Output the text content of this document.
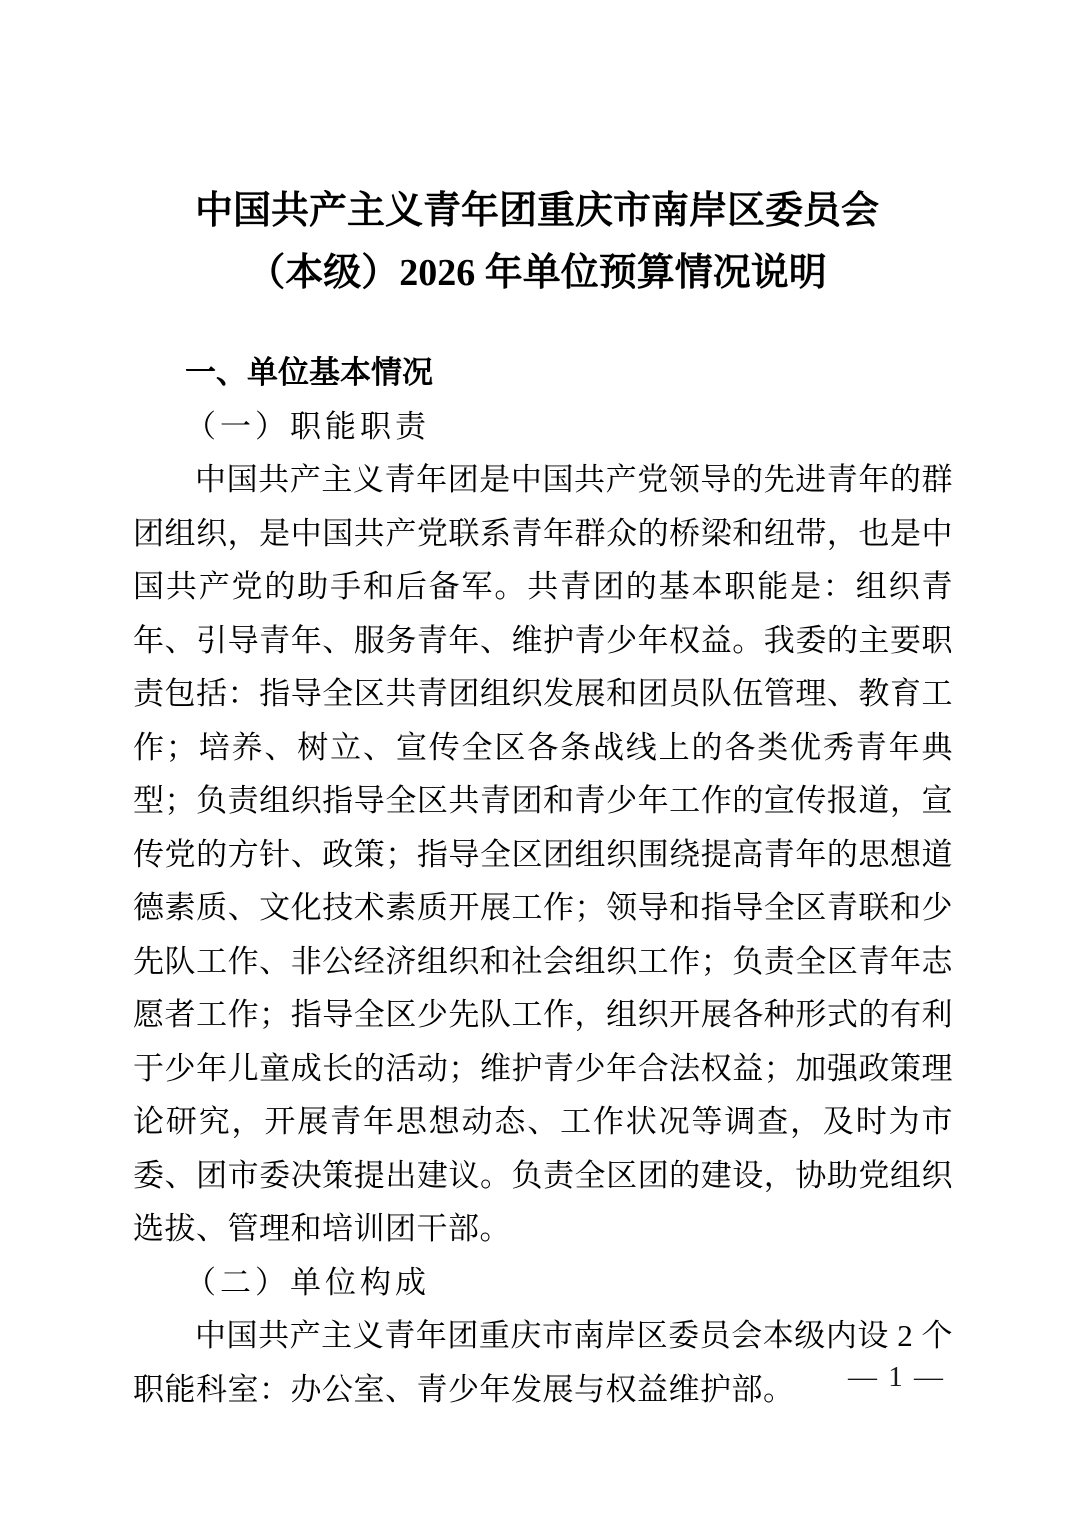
中国共产主义青年团重庆市南岸区委员会
（本级）2026 年单位预算情况说明
一、单位基本情况
（一）职能职责

中国共产主义青年团是中国共产党领导的先进青年的群团组织，是中国共产党联系青年群众的桥梁和纽带，也是中国共产党的助手和后备军。共青团的基本职能是：组织青年、引导青年、服务青年、维护青少年权益。我委的主要职责包括：指导全区共青团组织发展和团员队伍管理、教育工作；培养、树立、宣传全区各条战线上的各类优秀青年典型；负责组织指导全区共青团和青少年工作的宣传报道，宣传党的方针、政策；指导全区团组织围绕提高青年的思想道德素质、文化技术素质开展工作；领导和指导全区青联和少先队工作、非公经济组织和社会组织工作；负责全区青年志愿者工作；指导全区少先队工作，组织开展各种形式的有利于少年儿童成长的活动；维护青少年合法权益；加强政策理论研究，开展青年思想动态、工作状况等调查，及时为市委、团市委决策提出建议。负责全区团的建设，协助党组织选拔、管理和培训团干部。

（二）单位构成

中国共产主义青年团重庆市南岸区委员会本级内设 2 个职能科室：办公室、青少年发展与权益维护部。	— 1 —
